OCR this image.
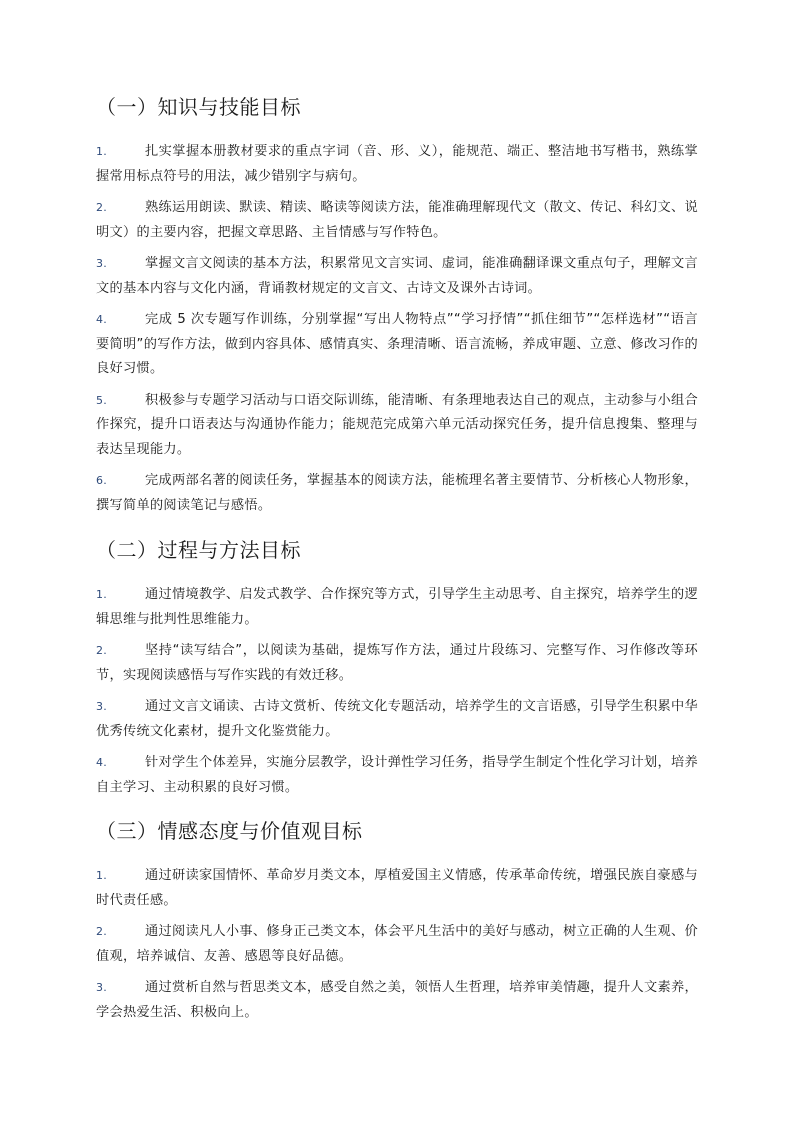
（一）知识与技能目标

1.	扎实掌握本册教材要求的重点字词（音、形、义），能规范、端正、整洁地书写楷书，熟练掌握常用标点符号的用法，减少错别字与病句。

2.	熟练运用朗读、默读、精读、略读等阅读方法，能准确理解现代文（散文、传记、科幻文、说明文）的主要内容，把握文章思路、主旨情感与写作特色。

3.	掌握文言文阅读的基本方法，积累常见文言实词、虚词，能准确翻译课文重点句子，理解文言文的基本内容与文化内涵，背诵教材规定的文言文、古诗文及课外古诗词。

4.	完成 5 次专题写作训练，分别掌握“写出人物特点”“学习抒情”“抓住细节”“怎样选材”“语言要简明”的写作方法，做到内容具体、感情真实、条理清晰、语言流畅，养成审题、立意、修改习作的良好习惯。

5.	积极参与专题学习活动与口语交际训练，能清晰、有条理地表达自己的观点，主动参与小组合作探究，提升口语表达与沟通协作能力；能规范完成第六单元活动探究任务，提升信息搜集、整理与表达呈现能力。

6.	完成两部名著的阅读任务，掌握基本的阅读方法，能梳理名著主要情节、分析核心人物形象，撰写简单的阅读笔记与感悟。

（二）过程与方法目标

1.	通过情境教学、启发式教学、合作探究等方式，引导学生主动思考、自主探究，培养学生的逻辑思维与批判性思维能力。

2.	坚持“读写结合”，以阅读为基础，提炼写作方法，通过片段练习、完整写作、习作修改等环节，实现阅读感悟与写作实践的有效迁移。

3.	通过文言文诵读、古诗文赏析、传统文化专题活动，培养学生的文言语感，引导学生积累中华优秀传统文化素材，提升文化鉴赏能力。

4.	针对学生个体差异，实施分层教学，设计弹性学习任务，指导学生制定个性化学习计划，培养自主学习、主动积累的良好习惯。

（三）情感态度与价值观目标

1.	通过研读家国情怀、革命岁月类文本，厚植爱国主义情感，传承革命传统，增强民族自豪感与时代责任感。

2.	通过阅读凡人小事、修身正己类文本，体会平凡生活中的美好与感动，树立正确的人生观、价值观，培养诚信、友善、感恩等良好品德。

3.	通过赏析自然与哲思类文本，感受自然之美，领悟人生哲理，培养审美情趣，提升人文素养，学会热爱生活、积极向上。
